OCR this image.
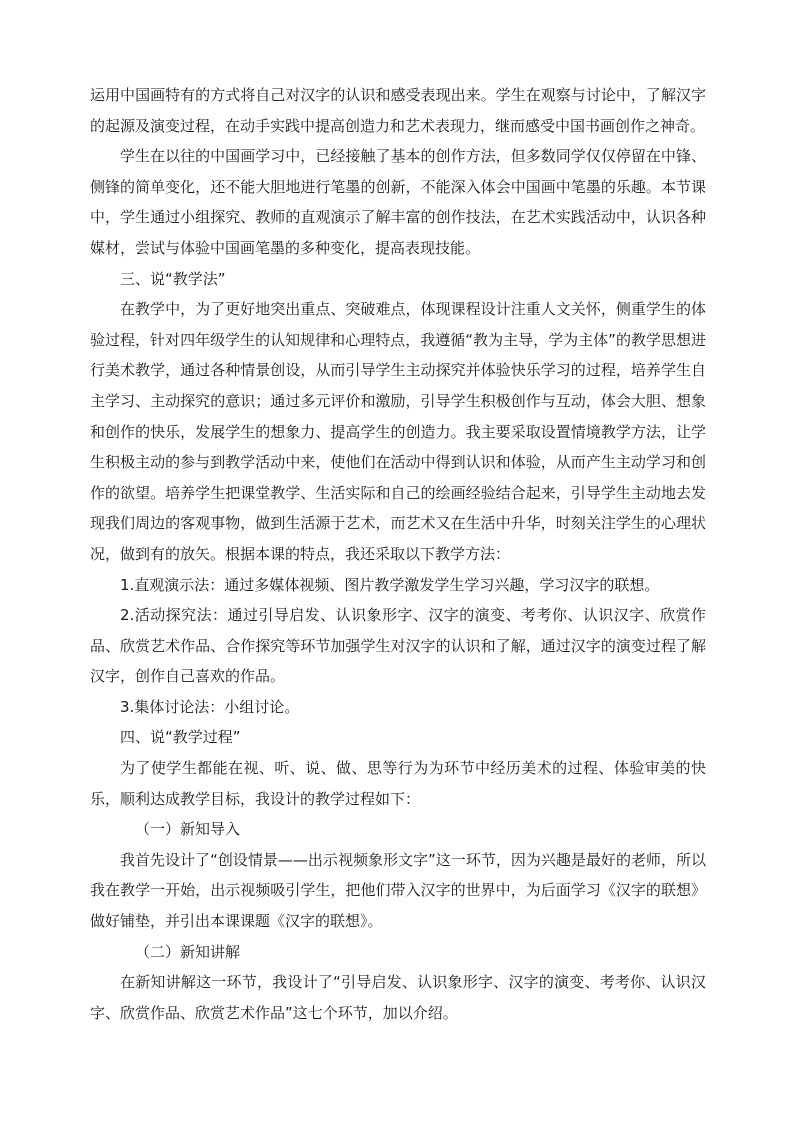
运用中国画特有的方式将自己对汉字的认识和感受表现出来。学生在观察与讨论中，了解汉字的起源及演变过程，在动手实践中提高创造力和艺术表现力，继而感受中国书画创作之神奇。

学生在以往的中国画学习中，已经接触了基本的创作方法，但多数同学仅仅停留在中锋、侧锋的简单变化，还不能大胆地进行笔墨的创新，不能深入体会中国画中笔墨的乐趣。本节课中，学生通过小组探究、教师的直观演示了解丰富的创作技法，在艺术实践活动中，认识各种媒材，尝试与体验中国画笔墨的多种变化，提高表现技能。

三、说“教学法”

在教学中，为了更好地突出重点、突破难点，体现课程设计注重人文关怀，侧重学生的体验过程，针对四年级学生的认知规律和心理特点，我遵循“教为主导，学为主体”的教学思想进行美术教学，通过各种情景创设，从而引导学生主动探究并体验快乐学习的过程，培养学生自主学习、主动探究的意识；通过多元评价和激励，引导学生积极创作与互动，体会大胆、想象和创作的快乐，发展学生的想象力、提高学生的创造力。我主要采取设置情境教学方法，让学生积极主动的参与到教学活动中来，使他们在活动中得到认识和体验，从而产生主动学习和创作的欲望。培养学生把课堂教学、生活实际和自己的绘画经验结合起来，引导学生主动地去发现我们周边的客观事物，做到生活源于艺术，而艺术又在生活中升华，时刻关注学生的心理状况，做到有的放矢。根据本课的特点，我还采取以下教学方法：

1.直观演示法：通过多媒体视频、图片教学激发学生学习兴趣，学习汉字的联想。

2.活动探究法：通过引导启发、认识象形字、汉字的演变、考考你、认识汉字、欣赏作品、欣赏艺术作品、合作探究等环节加强学生对汉字的认识和了解，通过汉字的演变过程了解汉字，创作自己喜欢的作品。

3.集体讨论法：小组讨论。

四、说“教学过程”

为了使学生都能在视、听、说、做、思等行为为环节中经历美术的过程、体验审美的快乐，顺利达成教学目标，我设计的教学过程如下：

（一）新知导入

我首先设计了“创设情景——出示视频象形文字”这一环节，因为兴趣是最好的老师，所以我在教学一开始，出示视频吸引学生，把他们带入汉字的世界中，为后面学习《汉字的联想》做好铺垫，并引出本课课题《汉字的联想》。

（二）新知讲解

在新知讲解这一环节，我设计了“引导启发、认识象形字、汉字的演变、考考你、认识汉字、欣赏作品、欣赏艺术作品”这七个环节，加以介绍。
